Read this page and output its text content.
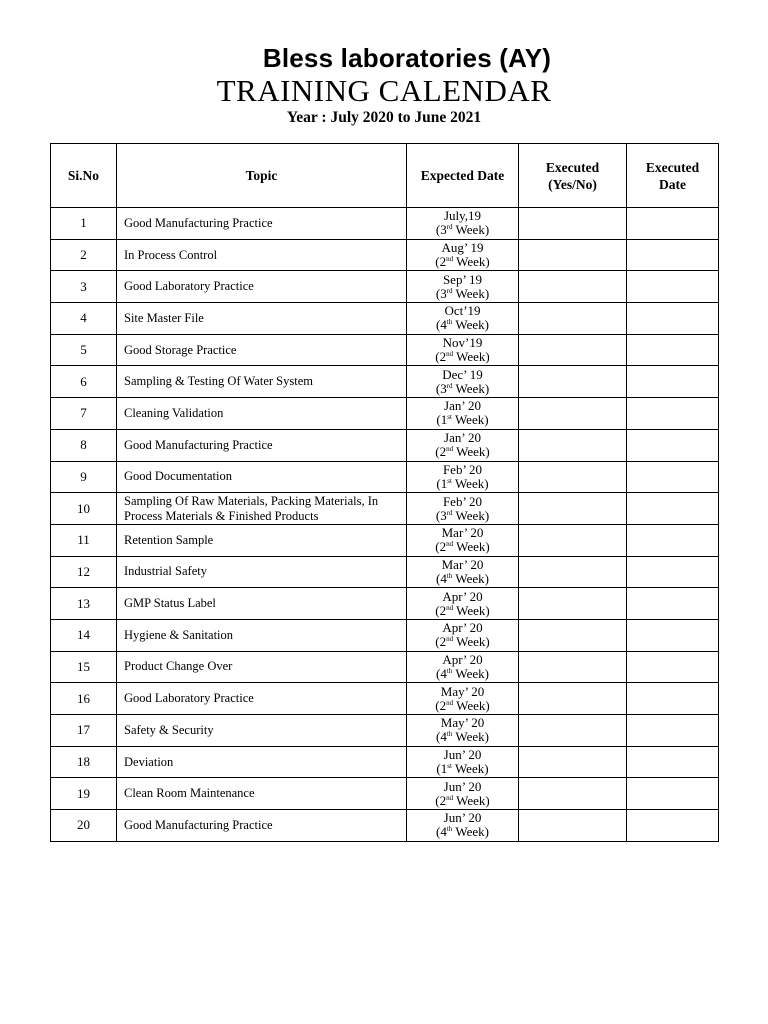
Bless laboratories (AY)
TRAINING CALENDAR
Year : July 2020 to June 2021
Si.No	Topic	Expected Date	Executed (Yes/No)	Executed Date

1	Good Manufacturing Practice	July,19
(3rd Week)		

2	In Process Control	Aug’ 19
(2nd Week)		

3	Good Laboratory Practice	Sep’ 19
(3rd Week)		

4	Site Master File	Oct’19
(4th Week)		

5	Good Storage Practice	Nov’19
(2nd Week)		

6	Sampling & Testing Of Water System	Dec’ 19
(3rd Week)		

7	Cleaning Validation	Jan’ 20
(1st Week)		

8	Good Manufacturing Practice	Jan’ 20
(2nd Week)		

9	Good Documentation	Feb’ 20
(1st Week)		

10	Sampling Of Raw Materials, Packing Materials, In Process Materials & Finished Products	Feb’ 20
(3rd Week)		

11	Retention Sample	Mar’ 20
(2nd Week)		

12	Industrial Safety	Mar’ 20
(4th Week)		

13	GMP Status Label	Apr’ 20
(2nd Week)		

14	Hygiene & Sanitation	Apr’ 20
(2nd Week)		

15	Product Change Over	Apr’ 20
(4th Week)		

16	Good Laboratory Practice	May’ 20
(2nd Week)		

17	Safety & Security	May’ 20
(4th Week)		

18	Deviation	Jun’ 20
(1st Week)		

19	Clean Room Maintenance	Jun’ 20
(2nd Week)		

20	Good Manufacturing Practice	Jun’ 20
(4th Week)		
